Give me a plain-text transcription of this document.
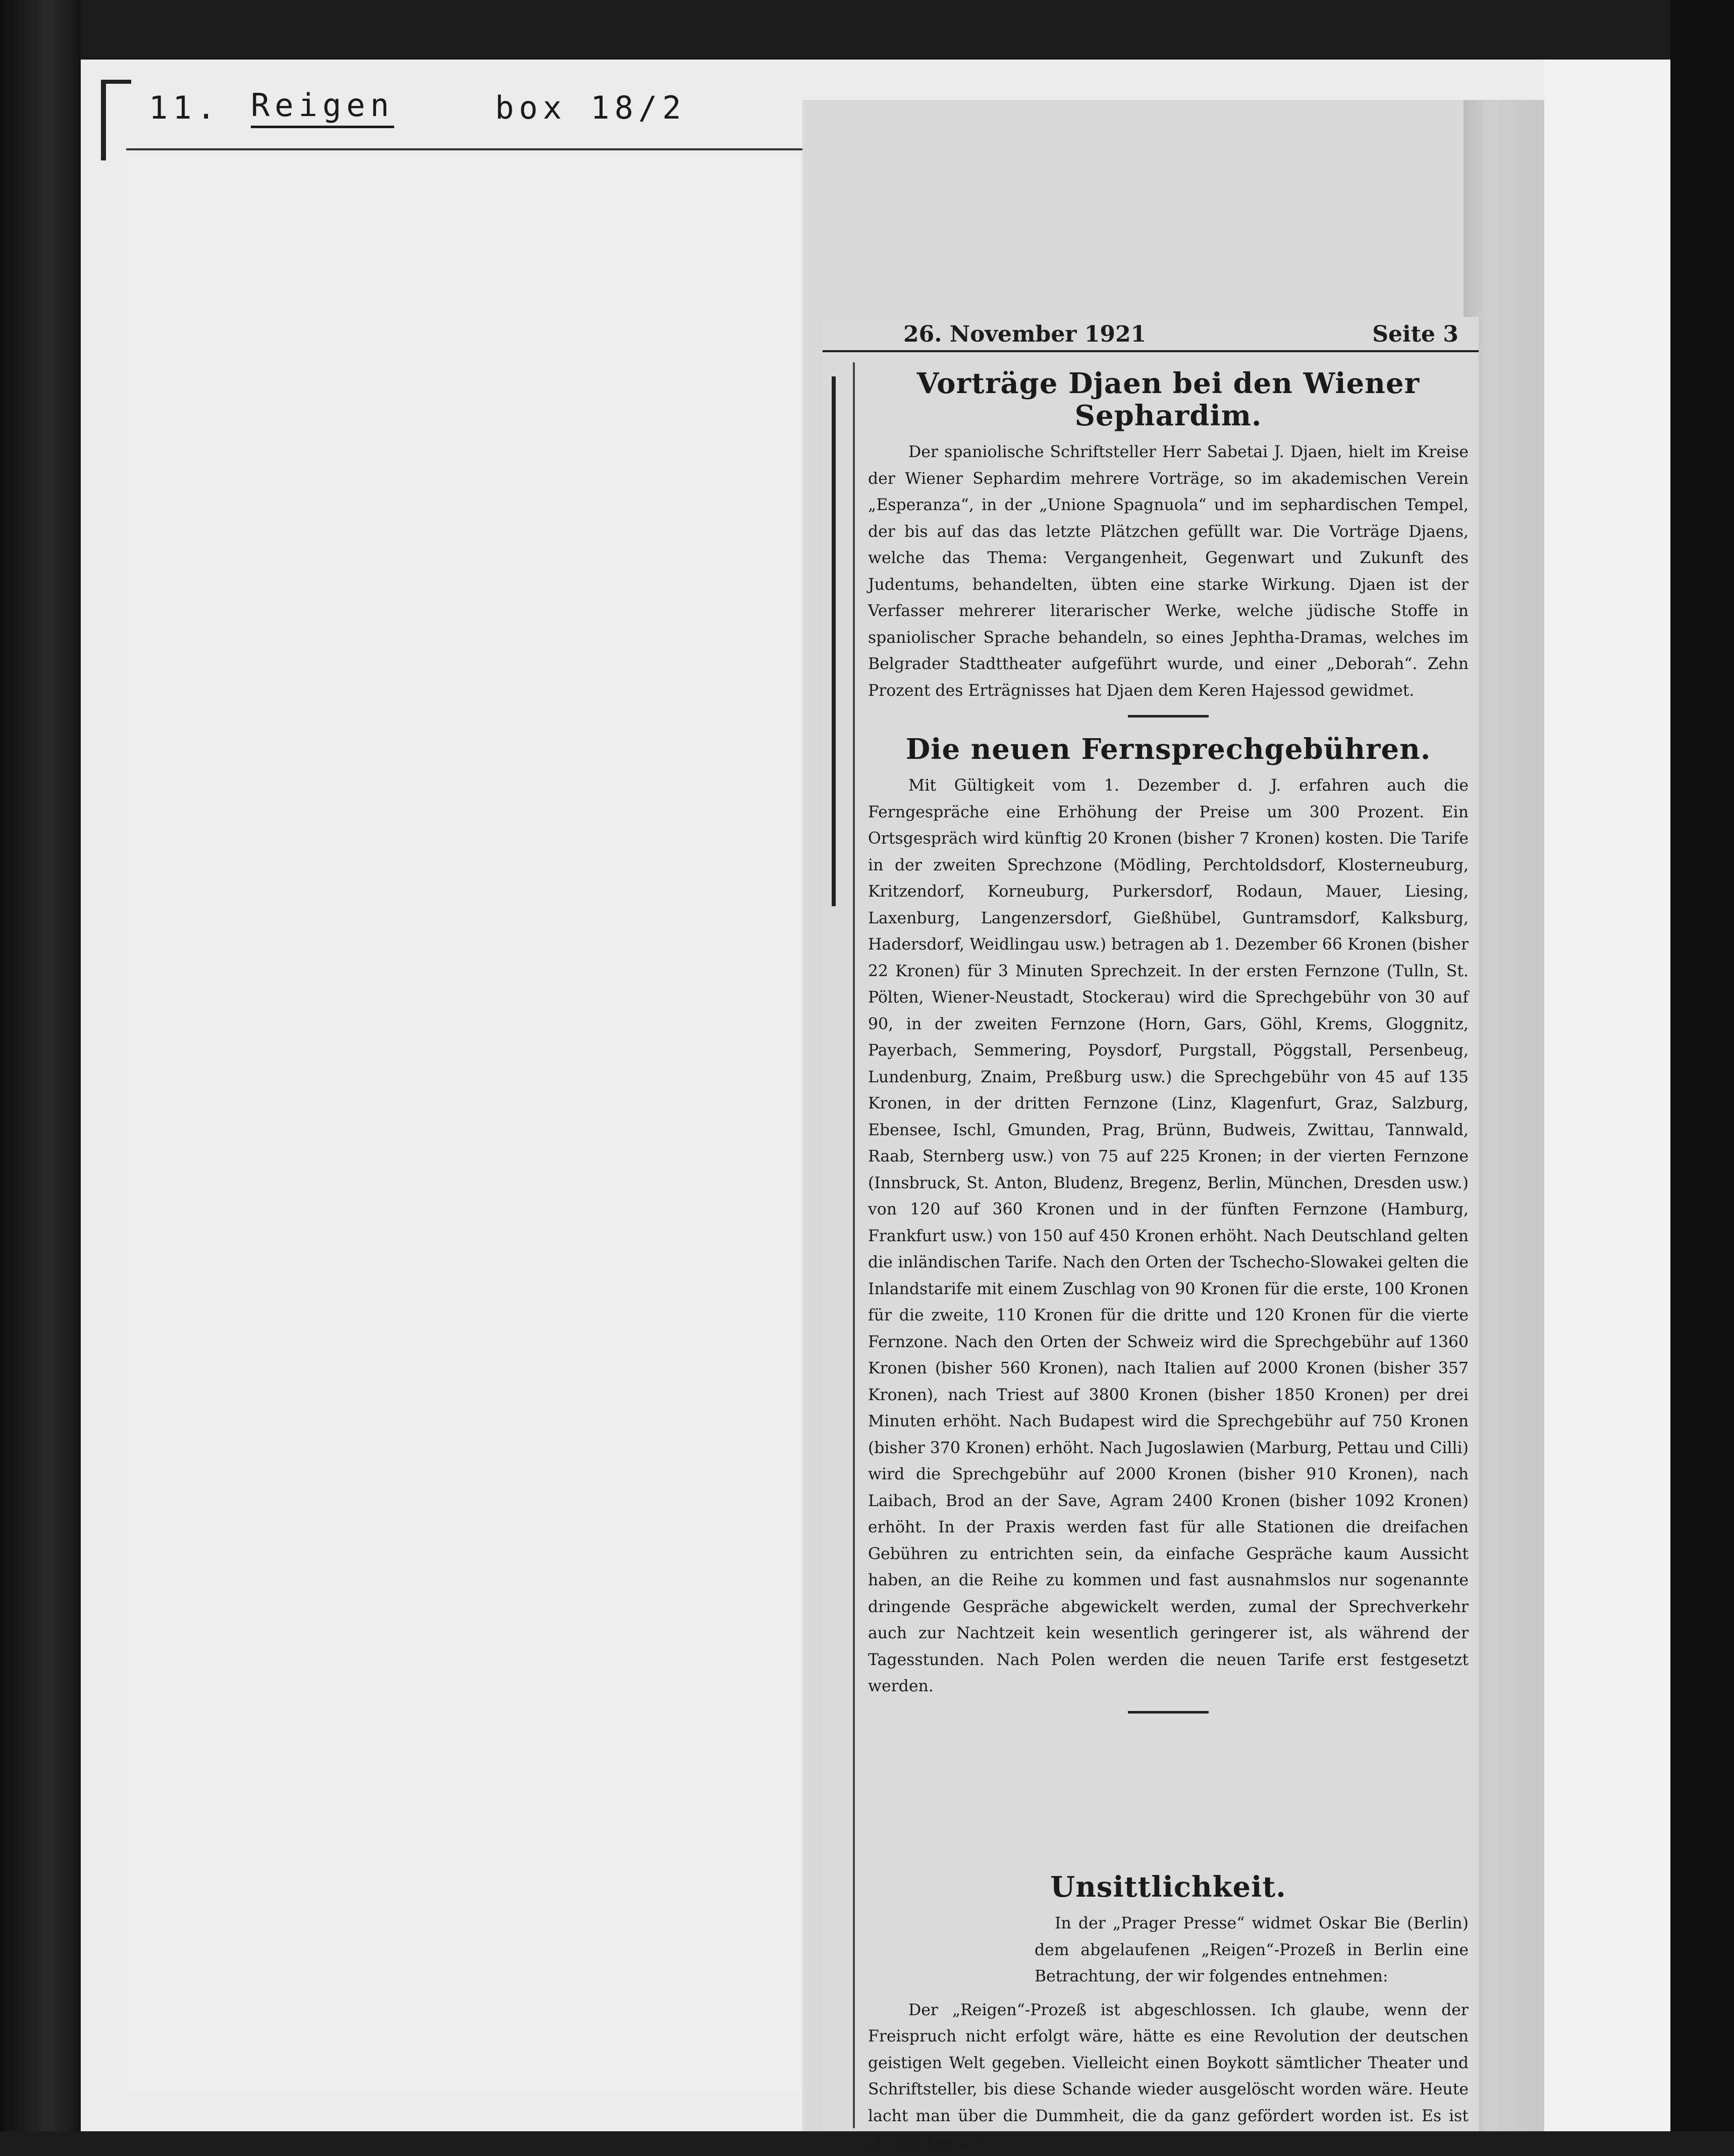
11. Reigen	box 18/2
26. November 1921	Seite 3
Vorträge Djaen bei den Wiener Sephardim.
Der spaniolische Schriftsteller Herr Sabetai J. Djaen, hielt im Kreise der Wiener Sephardim mehrere Vorträge, so im akademischen Verein „Esperanza“, in der „Unione Spagnuola“ und im sephardischen Tempel, der bis auf das das letzte Plätzchen gefüllt war. Die Vorträge Djaens, welche das Thema: Vergangenheit, Gegenwart und Zukunft des Judentums, behandelten, übten eine starke Wirkung. Djaen ist der Verfasser mehrerer literarischer Werke, welche jüdische Stoffe in spaniolischer Sprache behandeln, so eines Jephtha-Dramas, welches im Belgrader Stadttheater aufgeführt wurde, und einer „Deborah“. Zehn Prozent des Erträgnisses hat Djaen dem Keren Hajessod gewidmet.
Die neuen Fernsprechgebühren.
Mit Gültigkeit vom 1. Dezember d. J. erfahren auch die Ferngespräche eine Erhöhung der Preise um 300 Prozent. Ein Ortsgespräch wird künftig 20 Kronen (bisher 7 Kronen) kosten. Die Tarife in der zweiten Sprechzone (Mödling, Perchtoldsdorf, Klosterneuburg, Kritzendorf, Korneuburg, Purkersdorf, Rodaun, Mauer, Liesing, Laxenburg, Langenzersdorf, Gießhübel, Guntramsdorf, Kalksburg, Hadersdorf, Weidlingau usw.) betragen ab 1. Dezember 66 Kronen (bisher 22 Kronen) für 3 Minuten Sprechzeit. In der ersten Fernzone (Tulln, St. Pölten, Wiener-Neustadt, Stockerau) wird die Sprechgebühr von 30 auf 90, in der zweiten Fernzone (Horn, Gars, Göhl, Krems, Gloggnitz, Payerbach, Semmering, Poysdorf, Purgstall, Pöggstall, Persenbeug, Lundenburg, Znaim, Preßburg usw.) die Sprechgebühr von 45 auf 135 Kronen, in der dritten Fernzone (Linz, Klagenfurt, Graz, Salzburg, Ebensee, Ischl, Gmunden, Prag, Brünn, Budweis, Zwittau, Tannwald, Raab, Sternberg usw.) von 75 auf 225 Kronen; in der vierten Fernzone (Innsbruck, St. Anton, Bludenz, Bregenz, Berlin, München, Dresden usw.) von 120 auf 360 Kronen und in der fünften Fernzone (Hamburg, Frankfurt usw.) von 150 auf 450 Kronen erhöht. Nach Deutschland gelten die inländischen Tarife. Nach den Orten der Tschecho-Slowakei gelten die Inlandstarife mit einem Zuschlag von 90 Kronen für die erste, 100 Kronen für die zweite, 110 Kronen für die dritte und 120 Kronen für die vierte Fernzone. Nach den Orten der Schweiz wird die Sprechgebühr auf 1360 Kronen (bisher 560 Kronen), nach Italien auf 2000 Kronen (bisher 357 Kronen), nach Triest auf 3800 Kronen (bisher 1850 Kronen) per drei Minuten erhöht. Nach Budapest wird die Sprechgebühr auf 750 Kronen (bisher 370 Kronen) erhöht. Nach Jugoslawien (Marburg, Pettau und Cilli) wird die Sprechgebühr auf 2000 Kronen (bisher 910 Kronen), nach Laibach, Brod an der Save, Agram 2400 Kronen (bisher 1092 Kronen) erhöht. In der Praxis werden fast für alle Stationen die dreifachen Gebühren zu entrichten sein, da einfache Gespräche kaum Aussicht haben, an die Reihe zu kommen und fast ausnahmslos nur sogenannte dringende Gespräche abgewickelt werden, zumal der Sprechverkehr auch zur Nachtzeit kein wesentlich geringerer ist, als während der Tagesstunden. Nach Polen werden die neuen Tarife erst festgesetzt werden.
Unsittlichkeit.
In der „Prager Presse“ widmet Oskar Bie (Berlin) dem abgelaufenen „Reigen“-Prozeß in Berlin eine Betrachtung, der wir folgendes entnehmen:
Der „Reigen“-Prozeß ist abgeschlossen. Ich glaube, wenn der Freispruch nicht erfolgt wäre, hätte es eine Revolution der deutschen geistigen Welt gegeben. Vielleicht einen Boykott sämtlicher Theater und Schriftsteller, bis diese Schande wieder ausgelöscht worden wäre. Heute lacht man über die Dummheit, die da ganz gefördert worden ist. Es ist aber nötig, auf
